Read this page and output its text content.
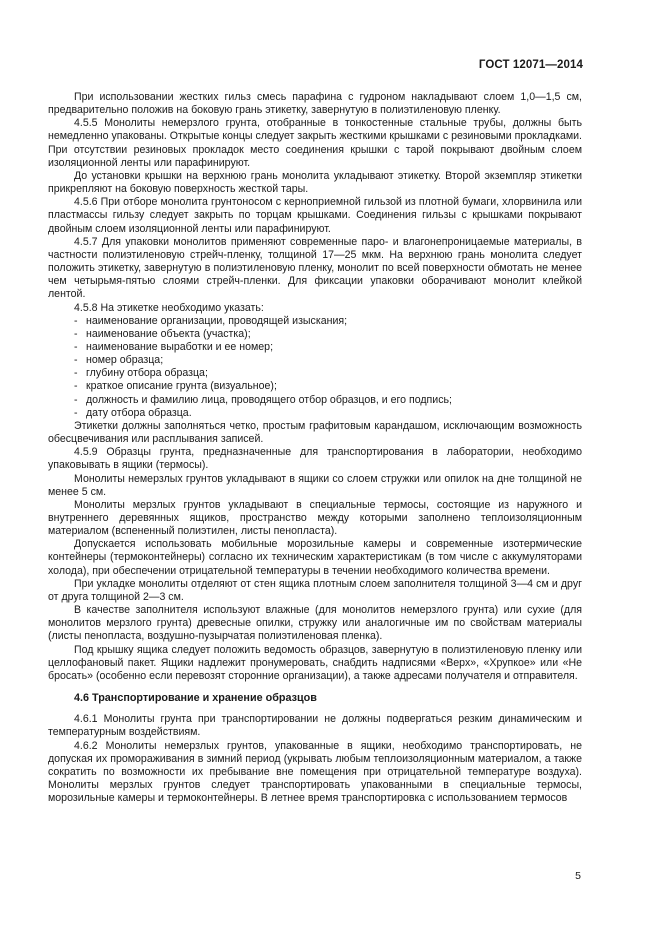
ГОСТ 12071—2014

При использовании жестких гильз смесь парафина с гудроном накладывают слоем 1,0—1,5 см, предварительно положив на боковую грань этикетку, завернутую в полиэтиленовую пленку.

4.5.5 Монолиты немерзлого грунта, отобранные в тонкостенные стальные трубы, должны быть немедленно упакованы. Открытые концы следует закрыть жесткими крышками с резиновыми прокладками. При отсутствии резиновых прокладок место соединения крышки с тарой покрывают двойным слоем изоляционной ленты или парафинируют.

До установки крышки на верхнюю грань монолита укладывают этикетку. Второй экземпляр этикетки прикрепляют на боковую поверхность жесткой тары.

4.5.6 При отборе монолита грунтоносом с кернoприемной гильзой из плотной бумаги, хлорвинила или пластмассы гильзу следует закрыть по торцам крышками. Соединения гильзы с крышками покрывают двойным слоем изоляционной ленты или парафинируют.

4.5.7 Для упаковки монолитов применяют современные паро- и влагонепроницаемые материалы, в частности полиэтиленовую стрейч-пленку, толщиной 17—25 мкм. На верхнюю грань монолита следует положить этикетку, завернутую в полиэтиленовую пленку, монолит по всей поверхности обмотать не менее чем четырьмя-пятью слоями стрейч-пленки. Для фиксации упаковки оборачивают монолит клейкой лентой.

4.5.8 На этикетке необходимо указать:

- наименование организации, проводящей изыскания;
- наименование объекта (участка);
- наименование выработки и ее номер;
- номер образца;
- глубину отбора образца;
- краткое описание грунта (визуальное);
- должность и фамилию лица, проводящего отбор образцов, и его подпись;
- дату отбора образца.

Этикетки должны заполняться четко, простым графитовым карандашом, исключающим возможность обесцвечивания или расплывания записей.

4.5.9 Образцы грунта, предназначенные для транспортирования в лаборатории, необходимо упаковывать в ящики (термосы).

Монолиты немерзлых грунтов укладывают в ящики со слоем стружки или опилок на дне толщиной не менее 5 см.

Монолиты мерзлых грунтов укладывают в специальные термосы, состоящие из наружного и внутреннего деревянных ящиков, пространство между которыми заполнено теплоизоляционным материалом (вспененный полиэтилен, листы пенопласта).

Допускается использовать мобильные морозильные камеры и современные изотермические контейнеры (термоконтейнеры) согласно их техническим характеристикам (в том числе с аккумуляторами холода), при обеспечении отрицательной температуры в течении необходимого количества времени.

При укладке монолиты отделяют от стен ящика плотным слоем заполнителя толщиной 3—4 см и друг от друга толщиной 2—3 см.

В качестве заполнителя используют влажные (для монолитов немерзлого грунта) или сухие (для монолитов мерзлого грунта) древесные опилки, стружку или аналогичные им по свойствам материалы (листы пенопласта, воздушно-пузырчатая полиэтиленовая пленка).

Под крышку ящика следует положить ведомость образцов, завернутую в полиэтиленовую пленку или целлофановый пакет. Ящики надлежит пронумеровать, снабдить надписями «Верх», «Хрупкое» или «Не бросать» (особенно если перевозят сторонние организации), а также адресами получателя и отправителя.

4.6 Транспортирование и хранение образцов

4.6.1 Монолиты грунта при транспортировании не должны подвергаться резким динамическим и температурным воздействиям.

4.6.2 Монолиты немерзлых грунтов, упакованные в ящики, необходимо транспортировать, не допуская их промораживания в зимний период (укрывать любым теплоизоляционным материалом, а также сократить по возможности их пребывание вне помещения при отрицательной температуре воздуха). Монолиты мерзлых грунтов следует транспортировать упакованными в специальные термосы, морозильные камеры и термоконтейнеры. В летнее время транспортировка с использованием термосов

5
